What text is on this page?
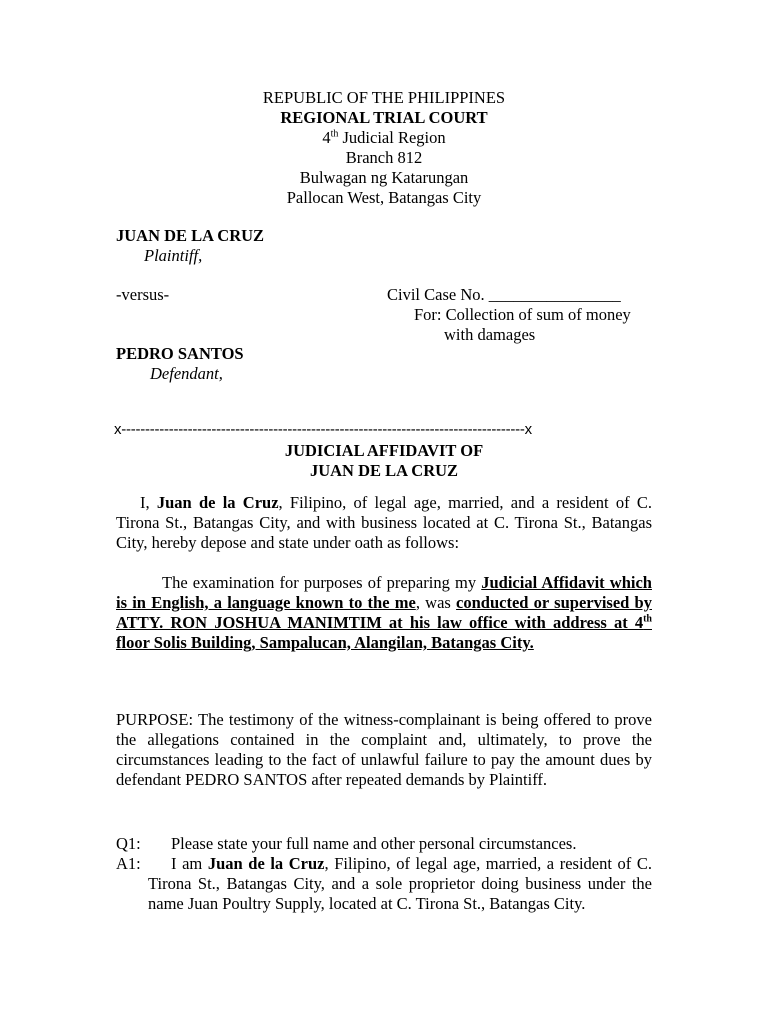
REPUBLIC OF THE PHILIPPINES
REGIONAL TRIAL COURT
4th Judicial Region
Branch 812
Bulwagan ng Katarungan
Pallocan West, Batangas City
JUAN DE LA CRUZ
Plaintiff,
-versus-	Civil Case No. ________________
For: Collection of sum of money
with damages
PEDRO SANTOS
Defendant,
x-------------------------------------------------------------------------------------x
JUDICIAL AFFIDAVIT OF
JUAN DE LA CRUZ
I, Juan de la Cruz, Filipino, of legal age, married, and a resident of C. Tirona St., Batangas City, and with business located at C. Tirona St., Batangas City, hereby depose and state under oath as follows:
The examination for purposes of preparing my Judicial Affidavit which is in English, a language known to the me, was conducted or supervised by ATTY. RON JOSHUA MANIMTIM at his law office with address at 4th floor Solis Building, Sampalucan, Alangilan, Batangas City.
PURPOSE: The testimony of the witness-complainant is being offered to prove the allegations contained in the complaint and, ultimately, to prove the circumstances leading to the fact of unlawful failure to pay the amount dues by defendant PEDRO SANTOS after repeated demands by Plaintiff.
Q1: Please state your full name and other personal circumstances.
A1:	I am Juan de la Cruz, Filipino, of legal age, married, a resident of C. Tirona St., Batangas City, and a sole proprietor doing business under the name Juan Poultry Supply, located at C. Tirona St., Batangas City.
